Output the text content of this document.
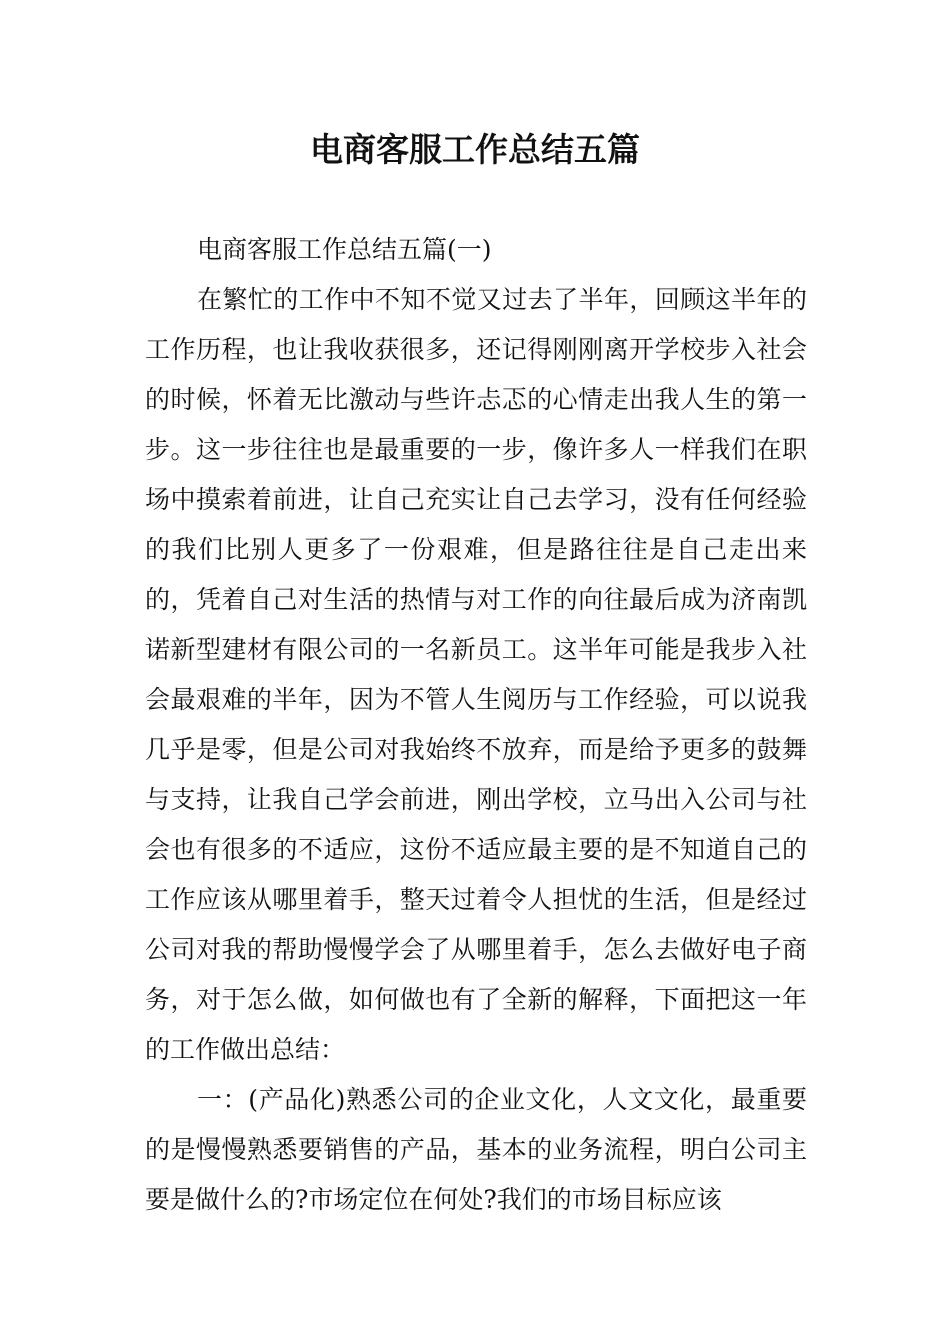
电商客服工作总结五篇

电商客服工作总结五篇(一)

在繁忙的工作中不知不觉又过去了半年，回顾这半年的工作历程，也让我收获很多，还记得刚刚离开学校步入社会的时候，怀着无比激动与些许忐忑的心情走出我人生的第一步。这一步往往也是最重要的一步，像许多人一样我们在职场中摸索着前进，让自己充实让自己去学习，没有任何经验的我们比别人更多了一份艰难，但是路往往是自己走出来的，凭着自己对生活的热情与对工作的向往最后成为济南凯诺新型建材有限公司的一名新员工。这半年可能是我步入社会最艰难的半年，因为不管人生阅历与工作经验，可以说我几乎是零，但是公司对我始终不放弃，而是给予更多的鼓舞与支持，让我自己学会前进，刚出学校，立马出入公司与社会也有很多的不适应，这份不适应最主要的是不知道自己的工作应该从哪里着手，整天过着令人担忧的生活，但是经过公司对我的帮助慢慢学会了从哪里着手，怎么去做好电子商务，对于怎么做，如何做也有了全新的解释，下面把这一年的工作做出总结：

一：(产品化)熟悉公司的企业文化，人文文化，最重要的是慢慢熟悉要销售的产品，基本的业务流程，明白公司主要是做什么的?市场定位在何处?我们的市场目标应该
